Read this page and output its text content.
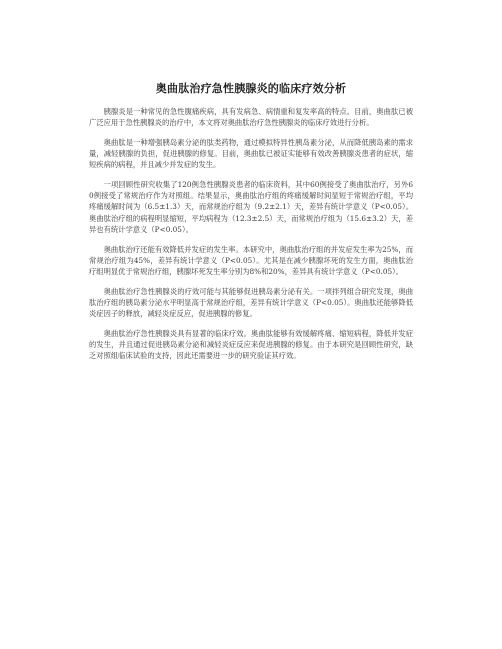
奥曲肽治疗急性胰腺炎的临床疗效分析

胰腺炎是一种常见的急性腹痛疾病，具有发病急、病情重和复发率高的特点。目前，奥曲肽已被广泛应用于急性胰腺炎的治疗中，本文将对奥曲肽治疗急性胰腺炎的临床疗效进行分析。

奥曲肽是一种增强胰岛素分泌的肽类药物，通过模拟特异性胰岛素分泌，从而降低胰岛素的需求量，减轻胰腺的负担，促进胰腺的修复。目前，奥曲肽已被证实能够有效改善胰腺炎患者的症状，缩短疾病的病程，并且减少并发症的发生。

一项回顾性研究收集了120例急性胰腺炎患者的临床资料，其中60例接受了奥曲肽治疗，另外60例接受了常规治疗作为对照组。结果显示，奥曲肽治疗组的疼痛缓解时间显短于常规治疗组，平均疼痛缓解时间为（6.5±1.3）天，而常规治疗组为（9.2±2.1）天，差异有统计学意义（P<0.05）。奥曲肽治疗组的病程明显缩短，平均病程为（12.3±2.5）天，而常规治疗组为（15.6±3.2）天，差异也有统计学意义（P<0.05）。

奥曲肽治疗还能有效降低并发症的发生率。本研究中，奥曲肽治疗组的并发症发生率为25%，而常规治疗组为45%，差异有统计学意义（P<0.05）。尤其是在减少胰腺坏死的发生方面，奥曲肽治疗组明显优于常规治疗组，胰腺坏死发生率分别为8%和20%，差异具有统计学意义（P<0.05）。

奥曲肽治疗急性胰腺炎的疗效可能与其能够促进胰岛素分泌有关。一项拌列组合研究发现，奥曲肽治疗组的胰岛素分泌水平明显高于常规治疗组，差异有统计学意义（P<0.05）。奥曲肽还能够降低炎症因子的释放，减轻炎症反应，促进胰腺的修复。

奥曲肽治疗急性胰腺炎具有显著的临床疗效。奥曲肽能够有效缓解疼痛、缩短病程，降低并发症的发生，并且通过促进胰岛素分泌和减轻炎症反应来促进胰腺的修复。由于本研究是回顾性研究，缺乏对照组临床试验的支持，因此还需要进一步的研究验证其疗效。
